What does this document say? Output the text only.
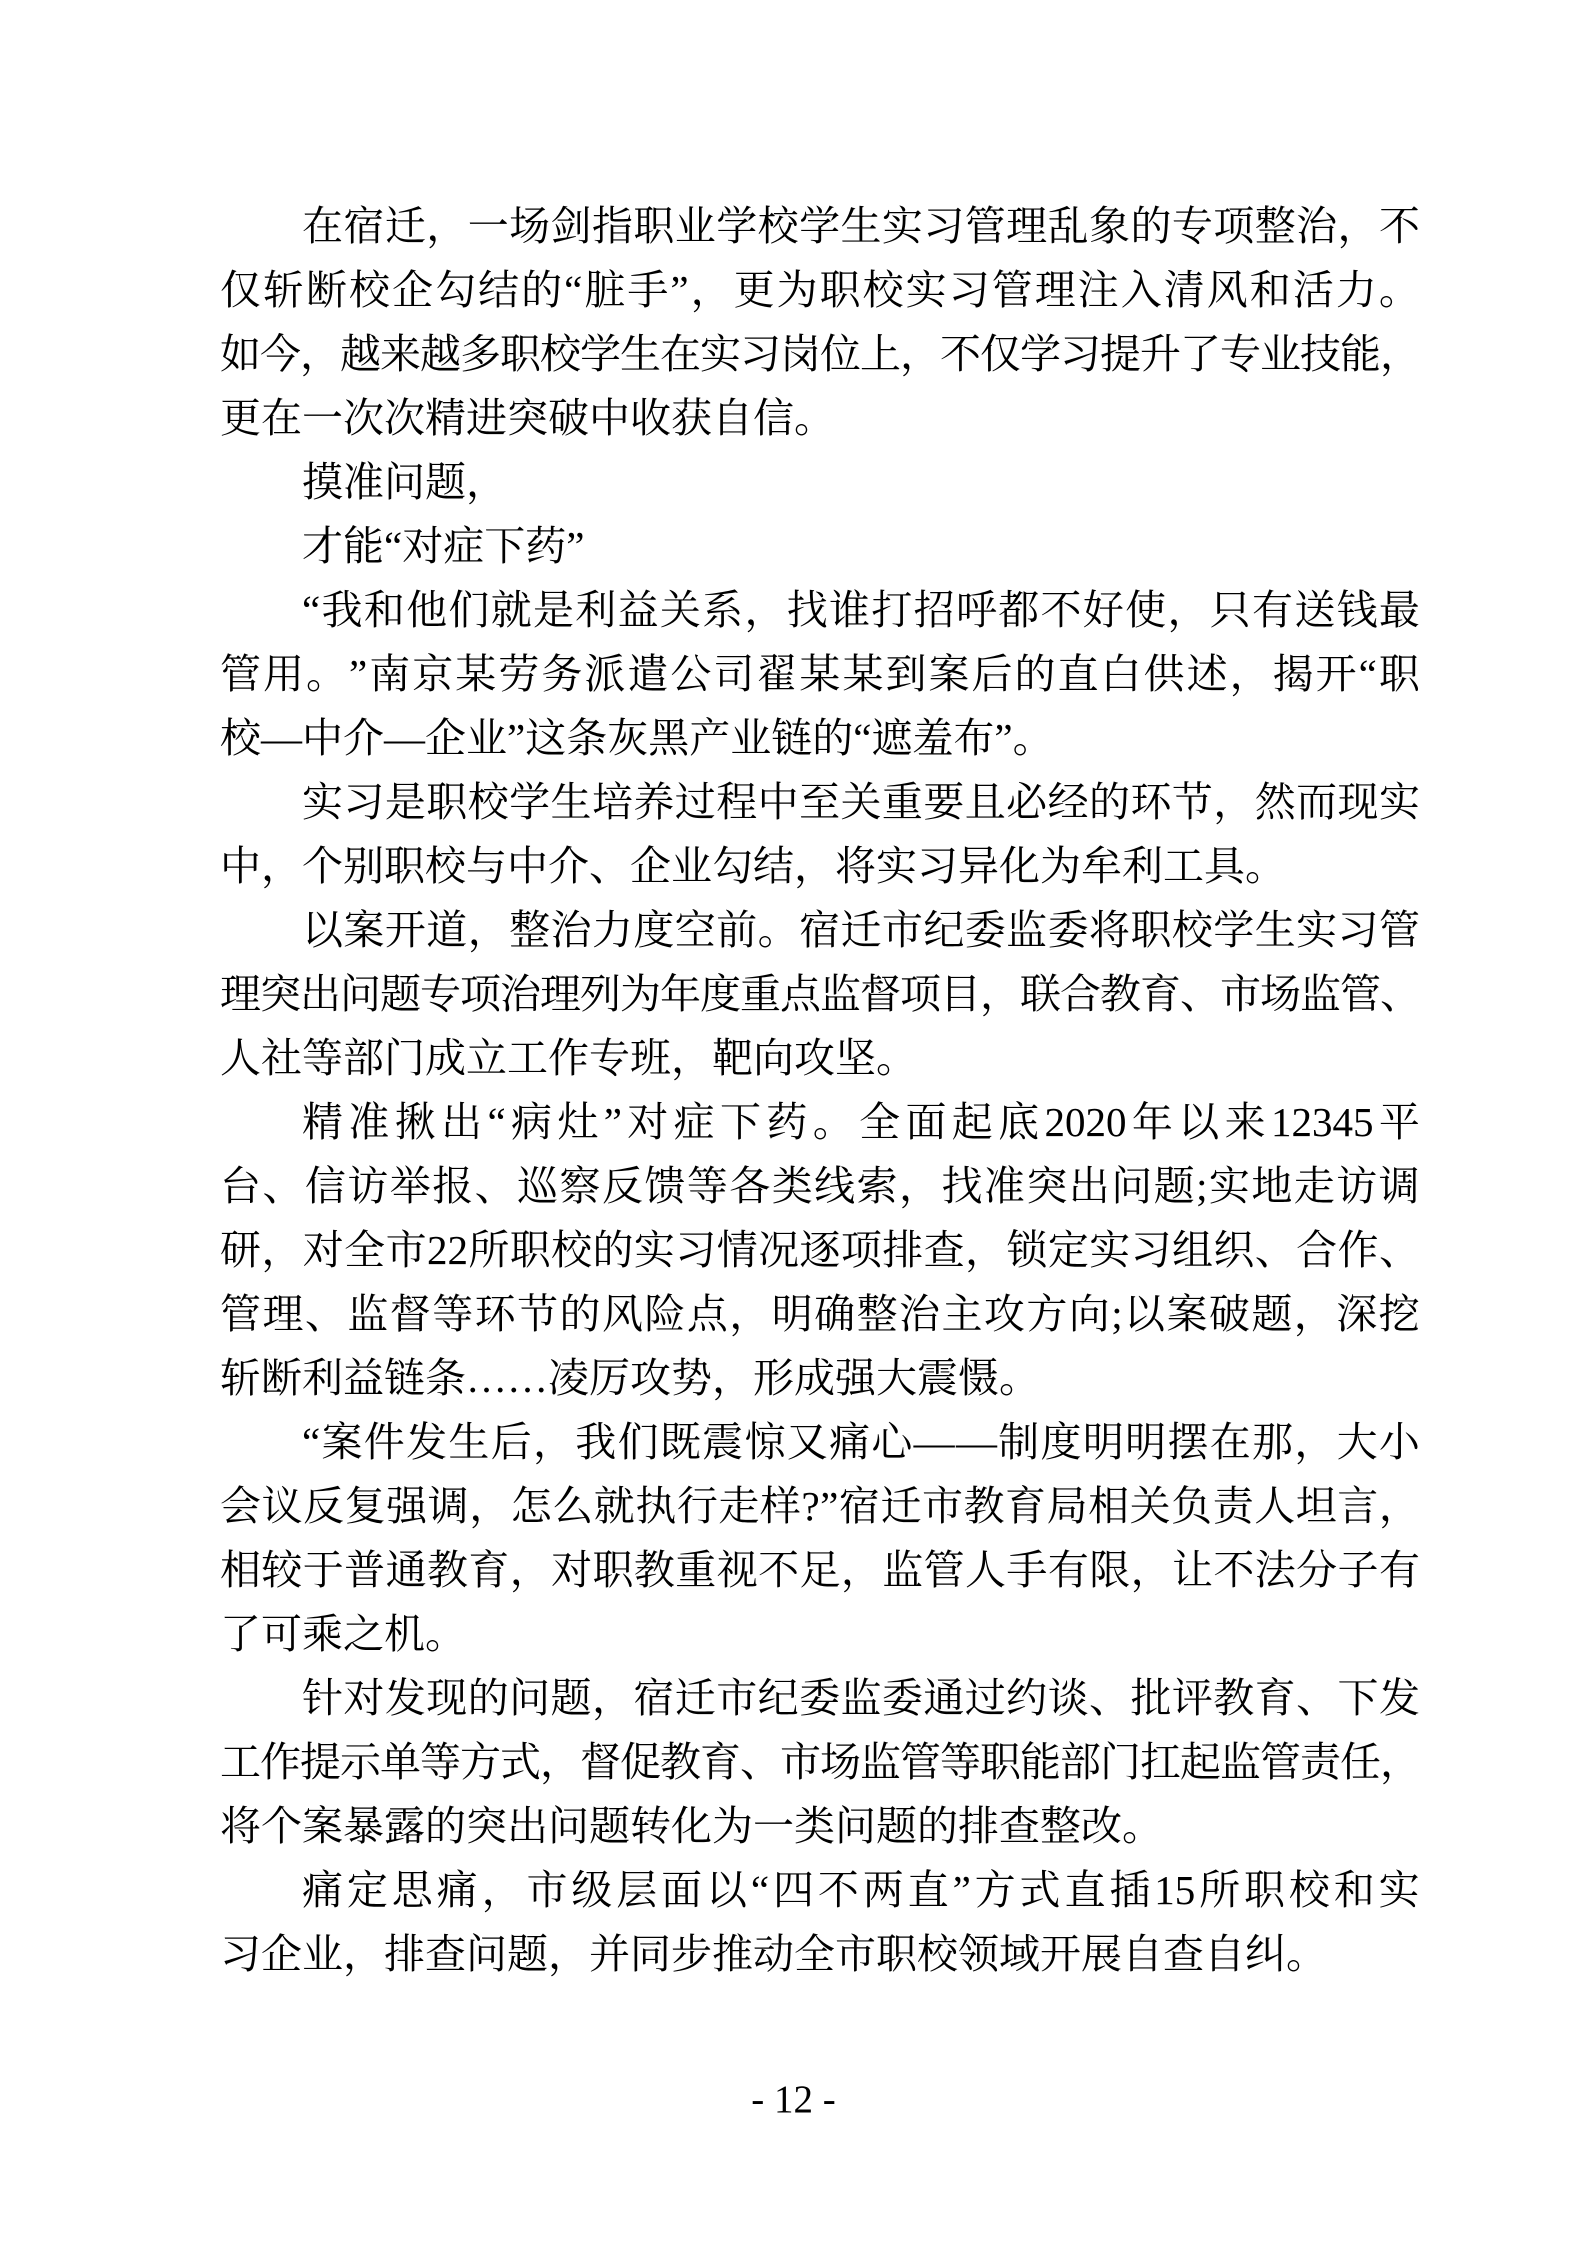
在 宿 迁 ， 一 场 剑 指 职 业 学 校 学 生 实 习 管 理 乱 象 的 专 项 整 治 ， 不
仅 斩 断 校 企 勾 结 的 “ 脏 手 ” ， 更 为 职 校 实 习 管 理 注 入 清 风 和 活 力 。
如 今 ， 越 来 越 多 职 校 学 生 在 实 习 岗 位 上 ， 不 仅 学 习 提 升 了 专 业 技 能 ，
更在一次次精进突破中收获自信。
摸准问题，
才能“对症下药”
“ 我 和 他 们 就 是 利 益 关 系 ， 找 谁 打 招 呼 都 不 好 使 ， 只 有 送 钱 最
管 用 。 ” 南 京 某 劳 务 派 遣 公 司 翟 某 某 到 案 后 的 直 白 供 述 ， 揭 开 “ 职
校—中介—企业”这条灰黑产业链的“遮羞布”。
实 习 是 职 校 学 生 培 养 过 程 中 至 关 重 要 且 必 经 的 环 节 ， 然 而 现 实
中，个别职校与中介、企业勾结，将实习异化为牟利工具。
以 案 开 道 ， 整 治 力 度 空 前 。 宿 迁 市 纪 委 监 委 将 职 校 学 生 实 习 管
理 突 出 问 题 专 项 治 理 列 为 年 度 重 点 监 督 项 目 ， 联 合 教 育 、 市 场 监 管 、
人社等部门成立工作专班，靶向攻坚。
精 准 揪 出 “ 病 灶 ” 对 症 下 药 。 全 面 起 底 2020 年 以 来 12345 平
台 、 信 访 举 报 、 巡 察 反 馈 等 各 类 线 索 ， 找 准 突 出 问 题 ; 实 地 走 访 调
研 ， 对 全 市 22 所 职 校 的 实 习 情 况 逐 项 排 查 ， 锁 定 实 习 组 织 、 合 作 、
管 理 、 监 督 等 环 节 的 风 险 点 ， 明 确 整 治 主 攻 方 向 ; 以 案 破 题 ， 深 挖
斩断利益链条……凌厉攻势，形成强大震慑。
“ 案 件 发 生 后 ， 我 们 既 震 惊 又 痛 心 — — 制 度 明 明 摆 在 那 ， 大 小
会 议 反 复 强 调 ， 怎 么 就 执 行 走 样 ? ” 宿 迁 市 教 育 局 相 关 负 责 人 坦 言 ，
相 较 于 普 通 教 育 ， 对 职 教 重 视 不 足 ， 监 管 人 手 有 限 ， 让 不 法 分 子 有
了可乘之机。
针 对 发 现 的 问 题 ， 宿 迁 市 纪 委 监 委 通 过 约 谈 、 批 评 教 育 、 下 发
工 作 提 示 单 等 方 式 ， 督 促 教 育 、 市 场 监 管 等 职 能 部 门 扛 起 监 管 责 任 ，
将个案暴露的突出问题转化为一类问题的排查整改。
痛 定 思 痛 ， 市 级 层 面 以 “ 四 不 两 直 ” 方 式 直 插 15 所 职 校 和 实
习企业，排查问题，并同步推动全市职校领域开展自查自纠。
- 12 -
